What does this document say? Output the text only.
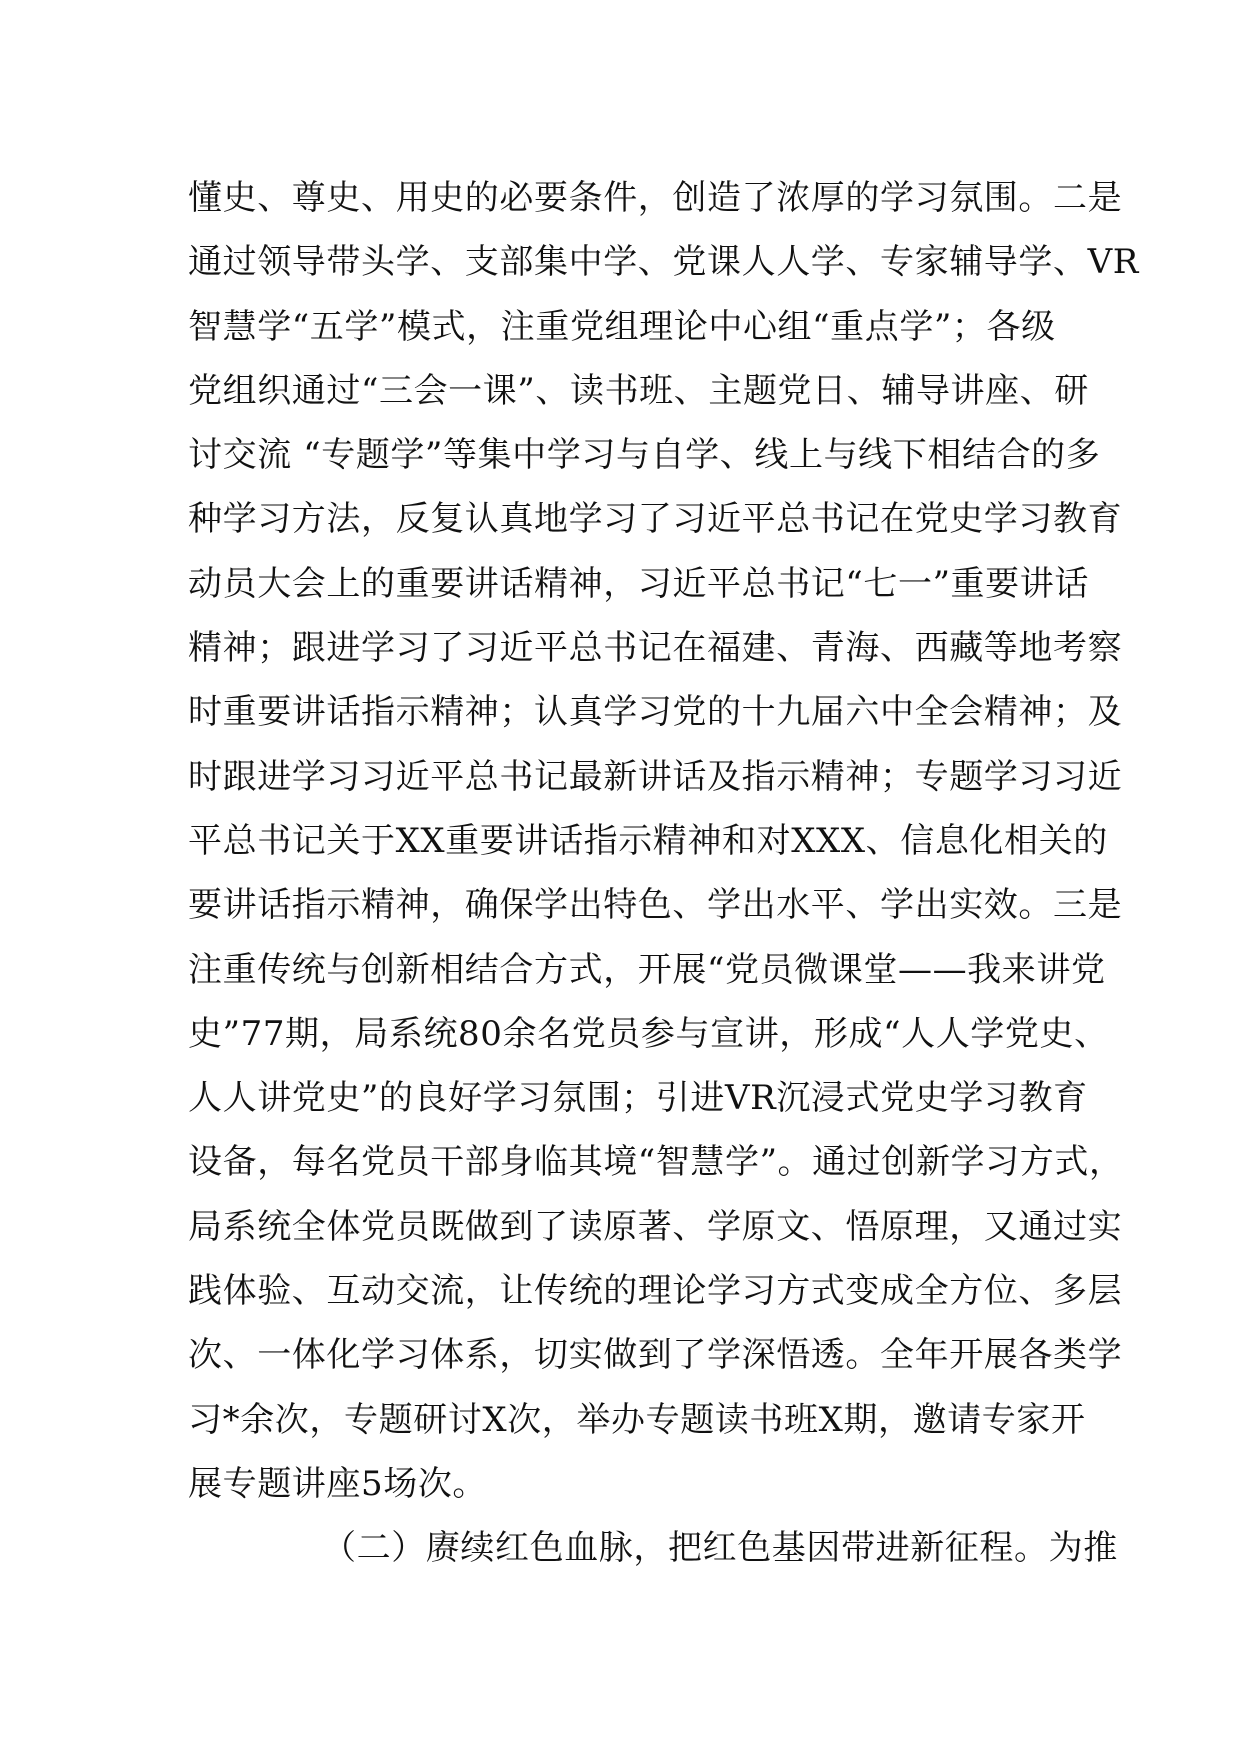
懂史、尊史、用史的必要条件，创造了浓厚的学习氛围。二是
通过领导带头学、支部集中学、党课人人学、专家辅导学、VR
智慧学“五学”模式，注重党组理论中心组“重点学”；各级
党组织通过“三会一课”、读书班、主题党日、辅导讲座、研
讨交流 “专题学”等集中学习与自学、线上与线下相结合的多
种学习方法，反复认真地学习了习近平总书记在党史学习教育
动员大会上的重要讲话精神，习近平总书记“七一”重要讲话
精神；跟进学习了习近平总书记在福建、青海、西藏等地考察
时重要讲话指示精神；认真学习党的十九届六中全会精神；及
时跟进学习习近平总书记最新讲话及指示精神；专题学习习近
平总书记关于XX重要讲话指示精神和对XXX、信息化相关的
要讲话指示精神，确保学出特色、学出水平、学出实效。三是
注重传统与创新相结合方式，开展“党员微课堂——我来讲党
史”77期，局系统80余名党员参与宣讲，形成“人人学党史、
人人讲党史”的良好学习氛围；引进VR沉浸式党史学习教育
设备，每名党员干部身临其境“智慧学”。通过创新学习方式，
局系统全体党员既做到了读原著、学原文、悟原理，又通过实
践体验、互动交流，让传统的理论学习方式变成全方位、多层
次、一体化学习体系，切实做到了学深悟透。全年开展各类学
习*余次，专题研讨X次，举办专题读书班X期，邀请专家开
展专题讲座5场次。
（二）赓续红色血脉，把红色基因带进新征程。为推
